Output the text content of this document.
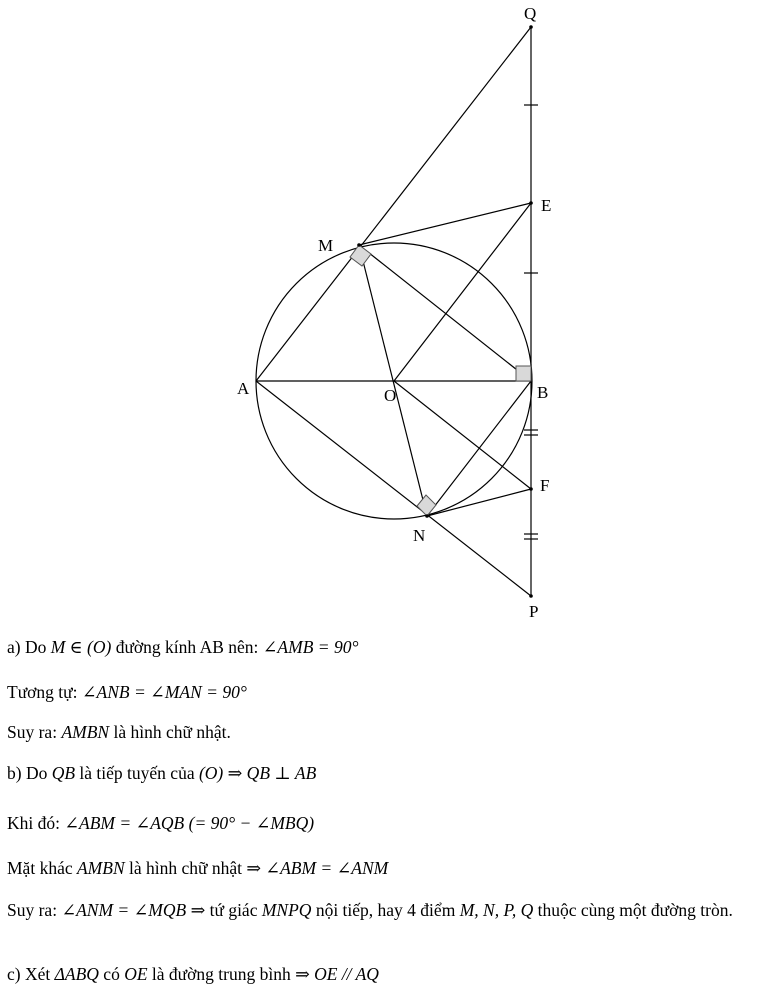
Q
E
M
A	O	B
F
N
P
a) Do M ∈ (O) đường kính AB nên: ∠AMB = 90°
Tương tự: ∠ANB = ∠MAN = 90°
Suy ra: AMBN là hình chữ nhật.
b) Do QB là tiếp tuyến của (O) ⇒ QB ⊥ AB
Khi đó: ∠ABM = ∠AQB (= 90° − ∠MBQ)
Mặt khác AMBN là hình chữ nhật ⇒ ∠ABM = ∠ANM
Suy ra: ∠ANM = ∠MQB ⇒ tứ giác MNPQ nội tiếp, hay 4 điểm M, N, P, Q thuộc cùng một đường tròn.
c) Xét ΔABQ có OE là đường trung bình ⇒ OE // AQ
